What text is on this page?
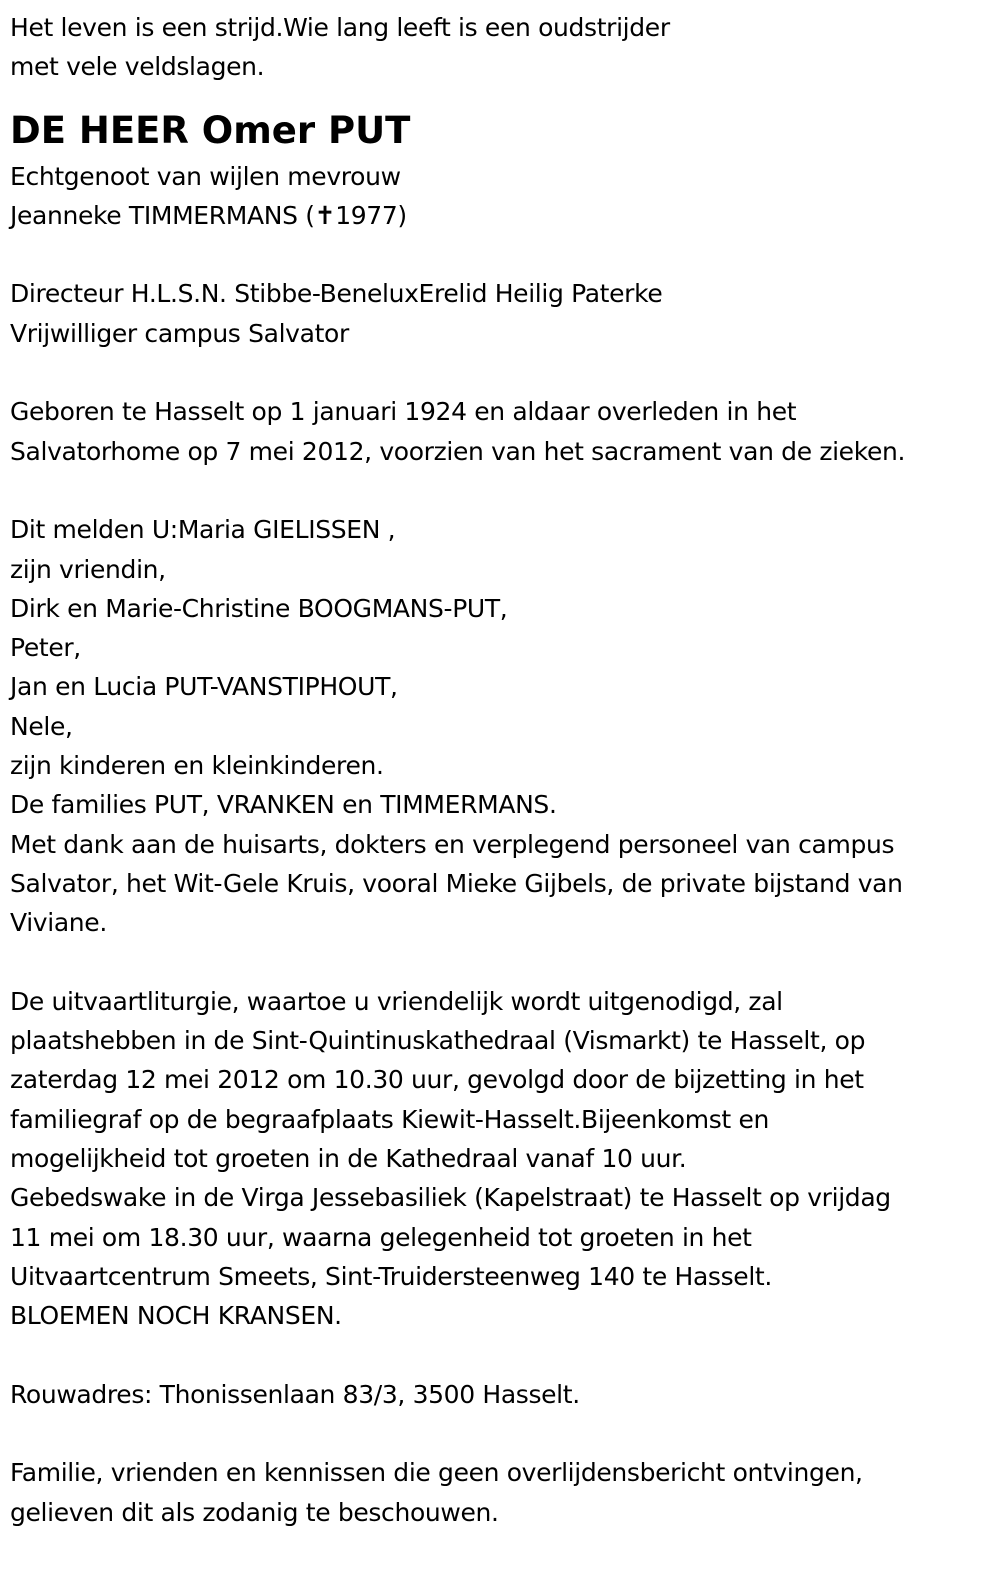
Het leven is een strijd.Wie lang leeft is een oudstrijder
met vele veldslagen.
DE HEER Omer PUT
Echtgenoot van wijlen mevrouw
Jeanneke TIMMERMANS (✝1977)
Directeur H.L.S.N. Stibbe-BeneluxErelid Heilig Paterke
Vrijwilliger campus Salvator
Geboren te Hasselt op 1 januari 1924 en aldaar overleden in het
Salvatorhome op 7 mei 2012, voorzien van het sacrament van de zieken.
Dit melden U:Maria GIELISSEN ,
zijn vriendin,
Dirk en Marie-Christine BOOGMANS-PUT,
Peter,
Jan en Lucia PUT-VANSTIPHOUT,
Nele,
zijn kinderen en kleinkinderen.
De families PUT, VRANKEN en TIMMERMANS.
Met dank aan de huisarts, dokters en verplegend personeel van campus
Salvator, het Wit-Gele Kruis, vooral Mieke Gijbels, de private bijstand van
Viviane.
De uitvaartliturgie, waartoe u vriendelijk wordt uitgenodigd, zal
plaatshebben in de Sint-Quintinuskathedraal (Vismarkt) te Hasselt, op
zaterdag 12 mei 2012 om 10.30 uur, gevolgd door de bijzetting in het
familiegraf op de begraafplaats Kiewit-Hasselt.Bijeenkomst en
mogelijkheid tot groeten in de Kathedraal vanaf 10 uur.
Gebedswake in de Virga Jessebasiliek (Kapelstraat) te Hasselt op vrijdag
11 mei om 18.30 uur, waarna gelegenheid tot groeten in het
Uitvaartcentrum Smeets, Sint-Truidersteenweg 140 te Hasselt.
BLOEMEN NOCH KRANSEN.
Rouwadres: Thonissenlaan 83/3, 3500 Hasselt.
Familie, vrienden en kennissen die geen overlijdensbericht ontvingen,
gelieven dit als zodanig te beschouwen.
